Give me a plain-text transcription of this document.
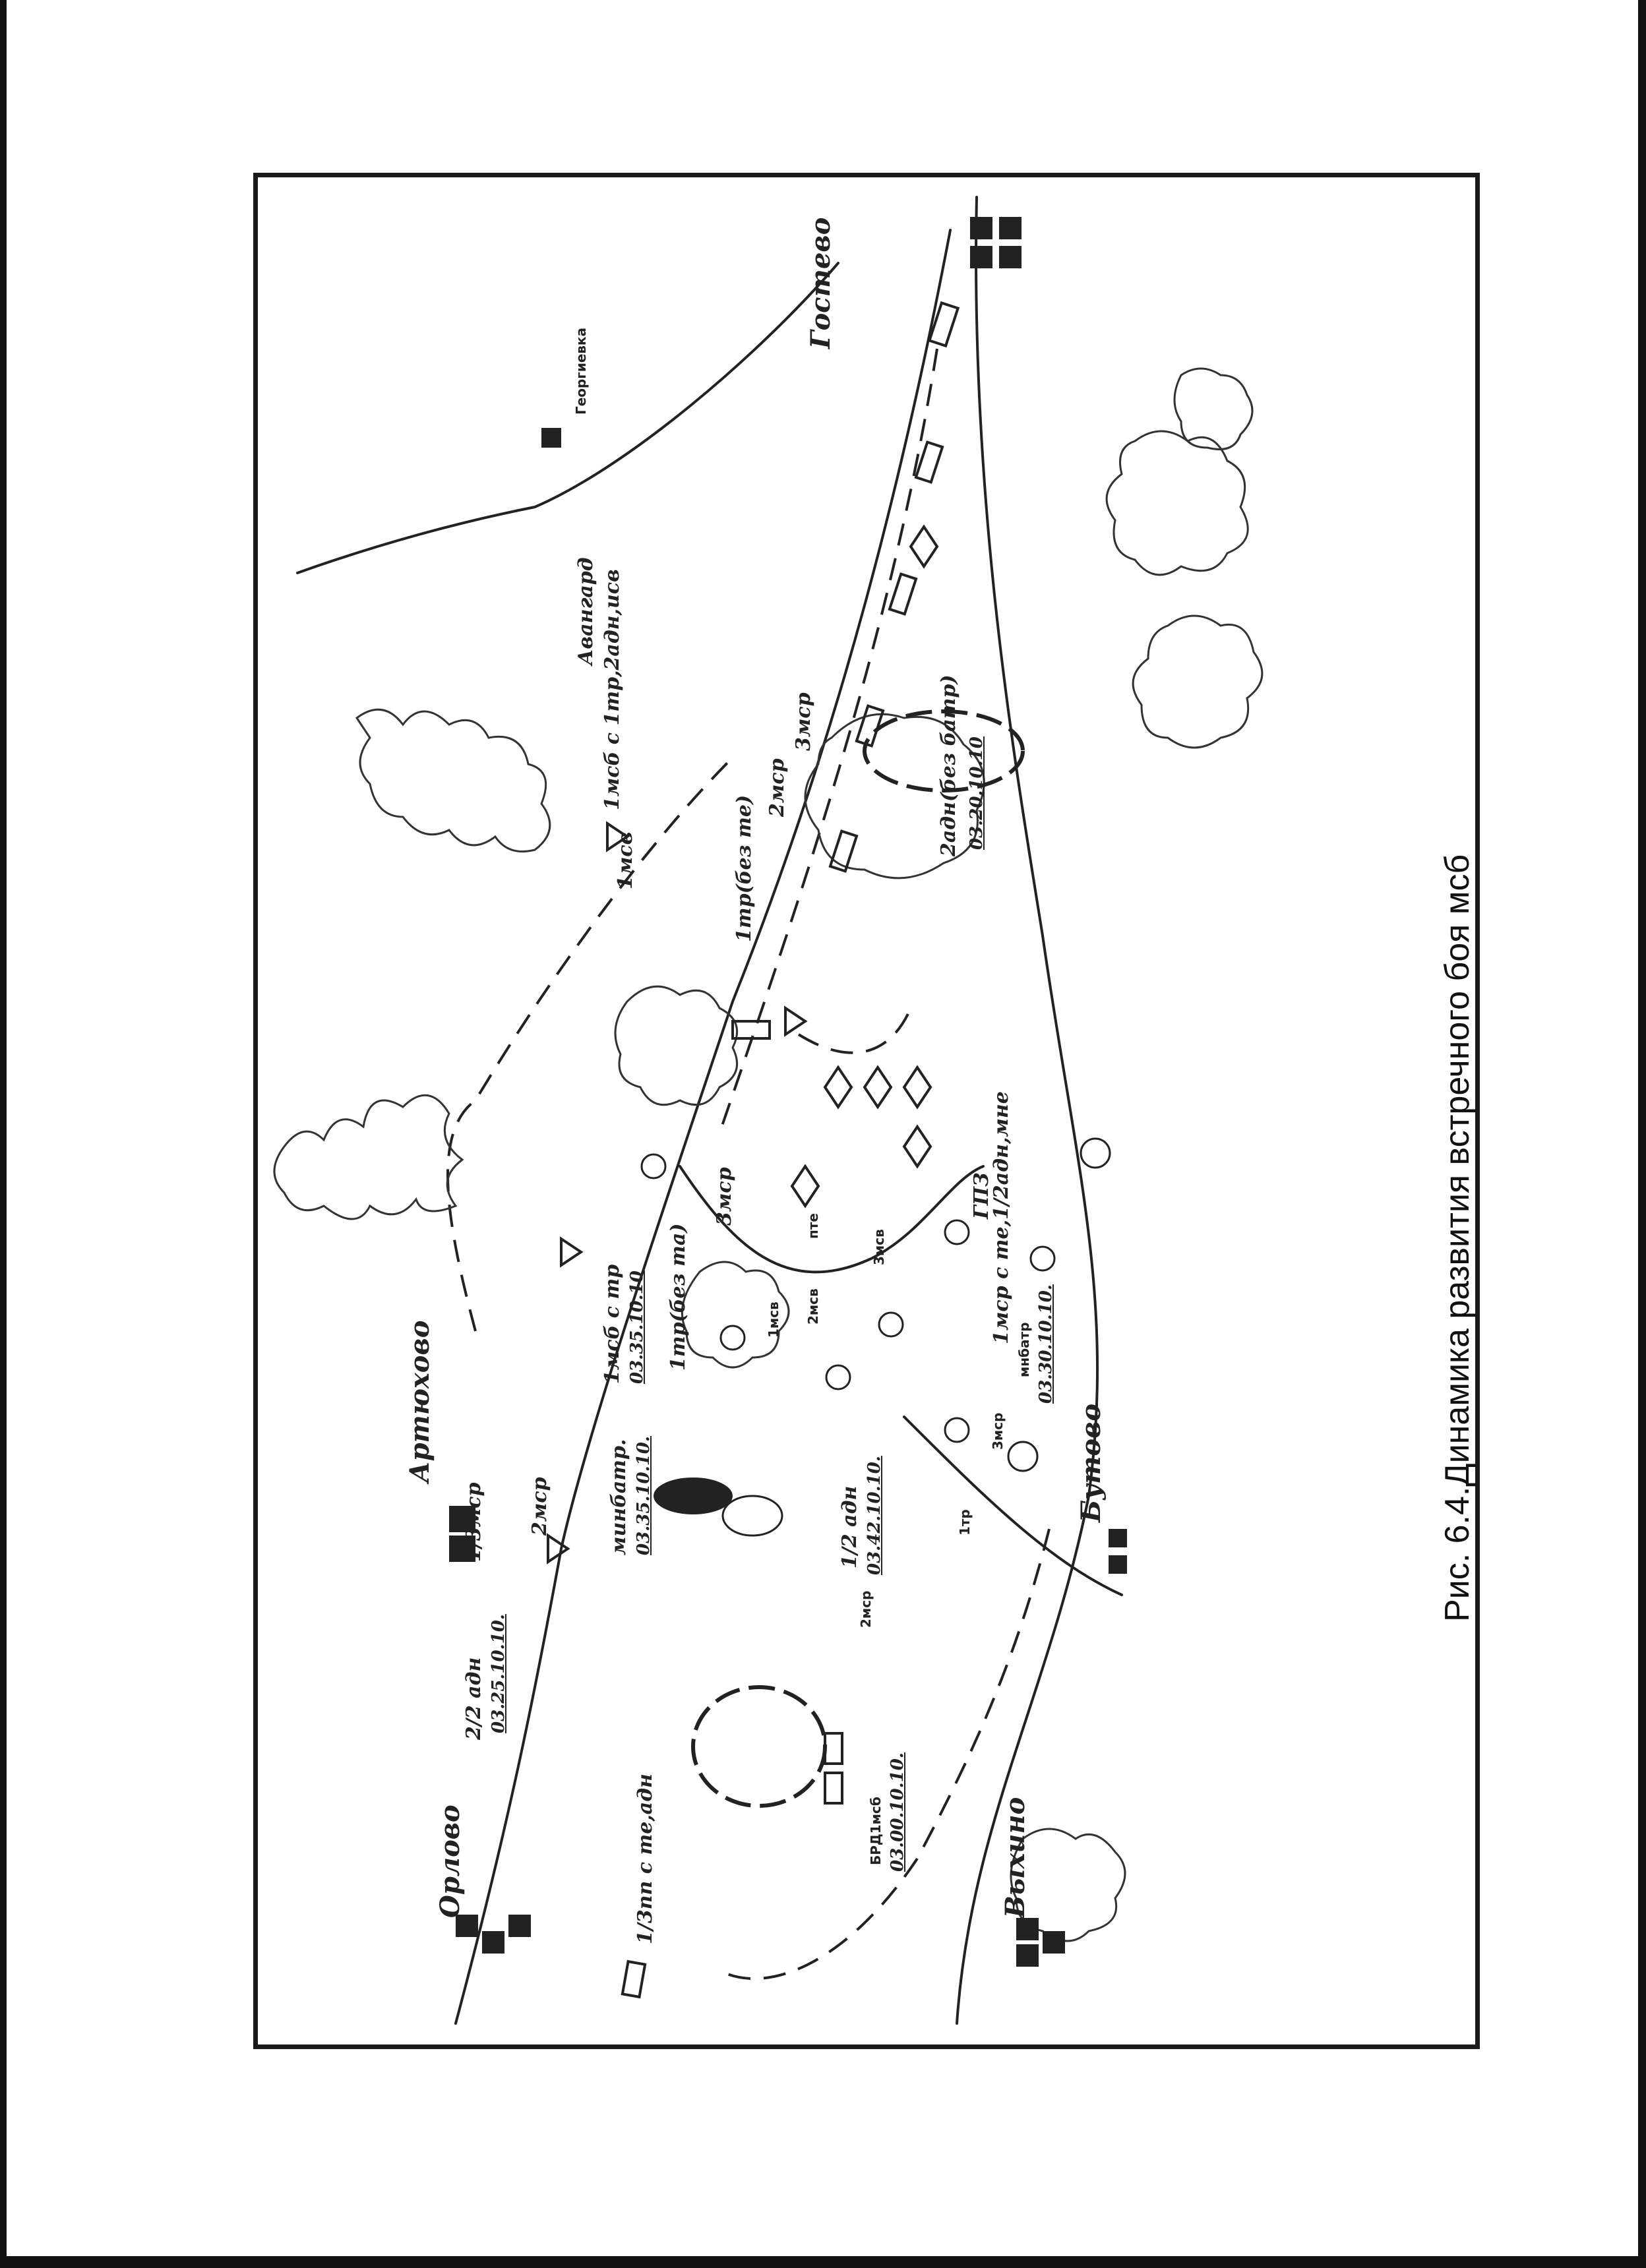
Георгиевка
Гостево
Артюхово
Орлово
Бутово
Выхино
Авангард 1мсб с 1тр,2адн,исв
1мсв	1тр(без те)
2мср
3мср	2адн(без батр) 03.20.10.10
ГПЗ
1мср с те,1/2адн,мне
мнбатр 03.30.10.10.
1мсб с тр 03.35.10.10 1тр(без та)
3мср
1/3мср 2мср
2/2 адн 03.25.10.10.
минбатр. 03.35.10.10.	1/2 адн 03.42.10.10.
2мсв
пте
3мсв
1мсв
1/3пп с те,адн
2мср
1тр
3мср
БРД1мсб 03.00.10.10.
Рис. 6.4.Динамика развития встречного боя мсб
